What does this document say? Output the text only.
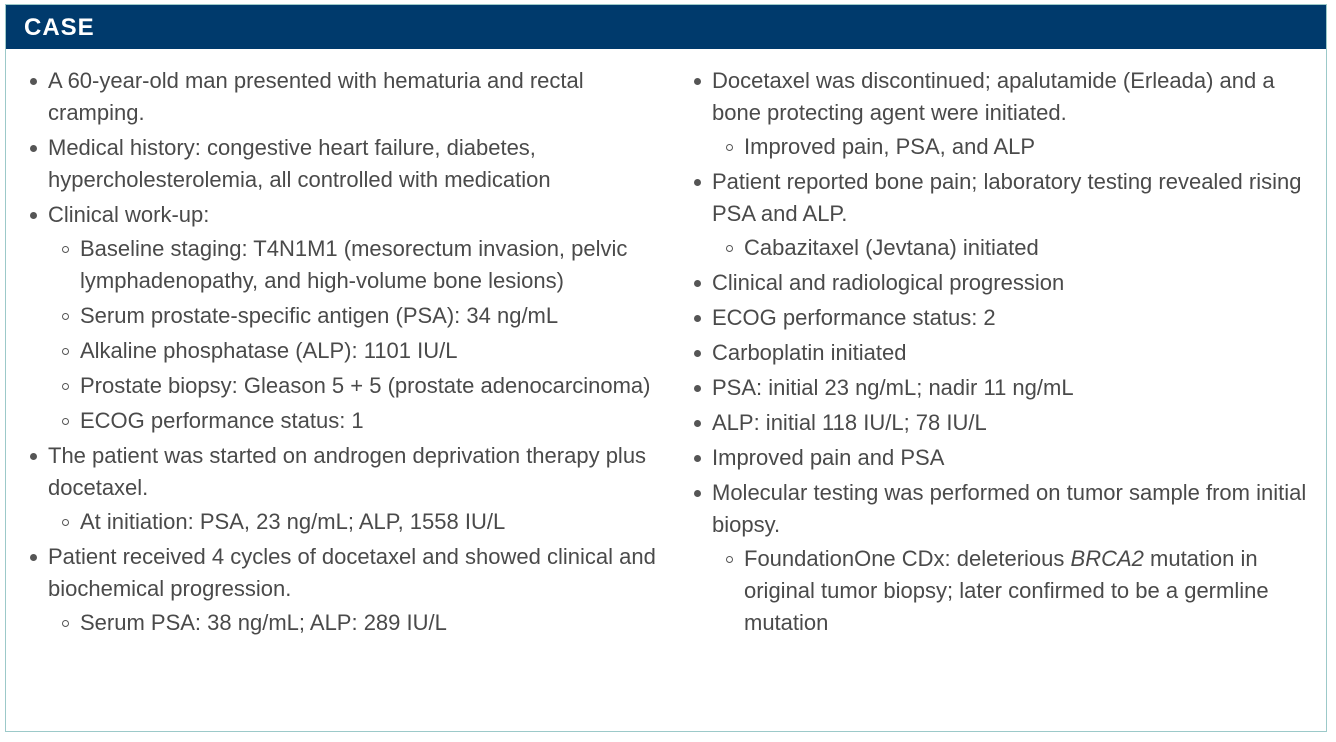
CASE
A 60-year-old man presented with hematuria and rectal cramping.
Medical history: congestive heart failure, diabetes, hypercholesterolemia, all controlled with medication
Clinical work-up:
Baseline staging: T4N1M1 (mesorectum invasion, pelvic lymphadenopathy, and high-volume bone lesions)
Serum prostate-specific antigen (PSA): 34 ng/mL
Alkaline phosphatase (ALP): 1101 IU/L
Prostate biopsy: Gleason 5 + 5 (prostate adenocarcinoma)
ECOG performance status: 1
The patient was started on androgen deprivation therapy plus docetaxel.
At initiation: PSA, 23 ng/mL; ALP, 1558 IU/L
Patient received 4 cycles of docetaxel and showed clinical and biochemical progression.
Serum PSA: 38 ng/mL; ALP: 289 IU/L
Docetaxel was discontinued; apalutamide (Erleada) and a bone protecting agent were initiated.
Improved pain, PSA, and ALP
Patient reported bone pain; laboratory testing revealed rising PSA and ALP.
Cabazitaxel (Jevtana) initiated
Clinical and radiological progression
ECOG performance status: 2
Carboplatin initiated
PSA: initial 23 ng/mL; nadir 11 ng/mL
ALP: initial 118 IU/L; 78 IU/L
Improved pain and PSA
Molecular testing was performed on tumor sample from initial biopsy.
FoundationOne CDx: deleterious BRCA2 mutation in original tumor biopsy; later confirmed to be a germline mutation
